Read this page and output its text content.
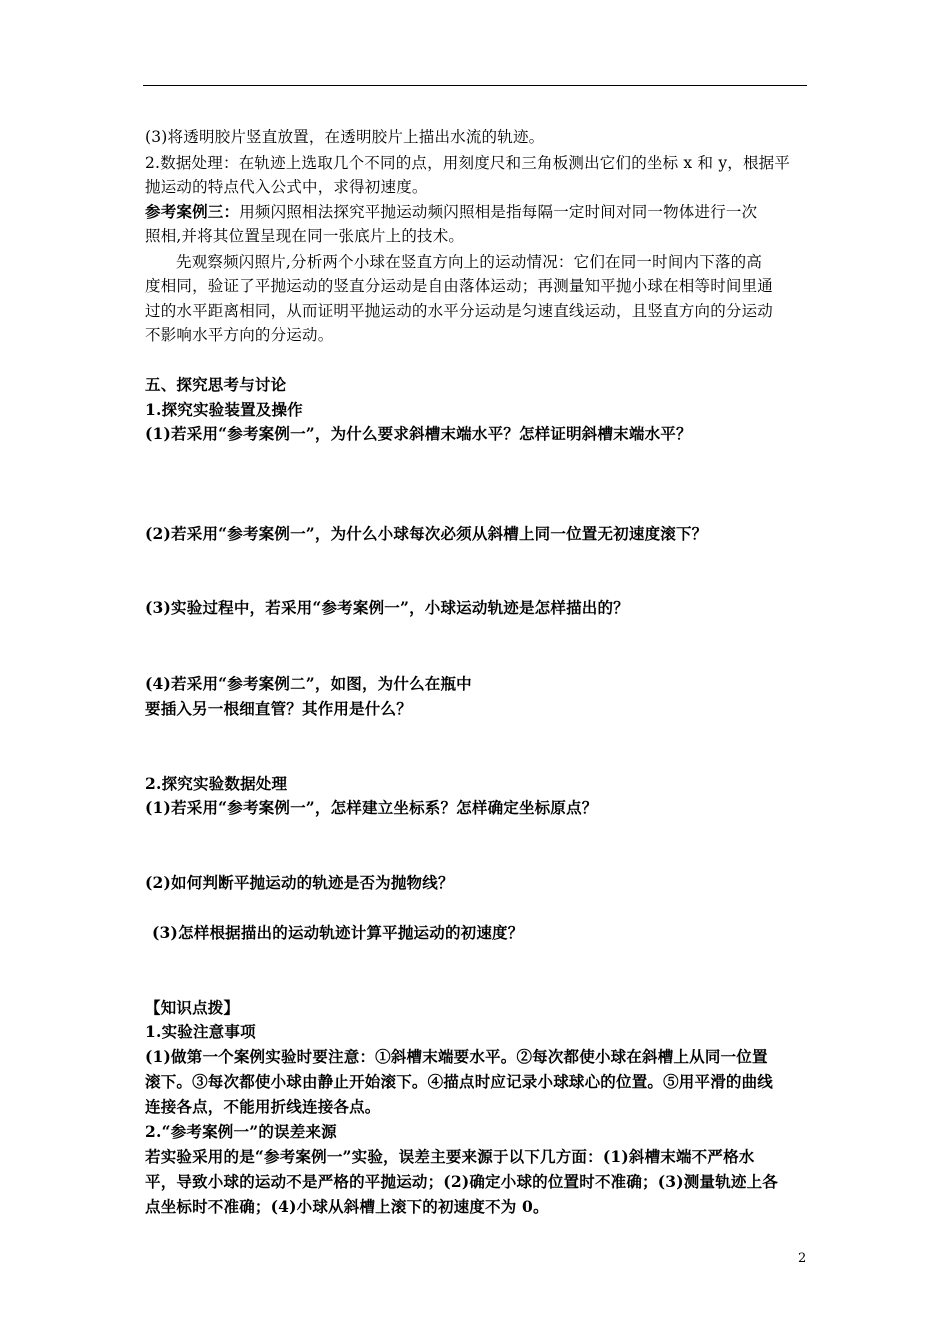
(3)将透明胶片竖直放置，在透明胶片上描出水流的轨迹。
2.数据处理：在轨迹上选取几个不同的点，用刻度尺和三角板测出它们的坐标 x 和 y，根据平
抛运动的特点代入公式中，求得初速度。
参考案例三：用频闪照相法探究平抛运动频闪照相是指每隔一定时间对同一物体进行一次
照相,并将其位置呈现在同一张底片上的技术。
先观察频闪照片,分析两个小球在竖直方向上的运动情况：它们在同一时间内下落的高
度相同，验证了平抛运动的竖直分运动是自由落体运动；再测量知平抛小球在相等时间里通
过的水平距离相同，从而证明平抛运动的水平分运动是匀速直线运动，且竖直方向的分运动
不影响水平方向的分运动。
五、探究思考与讨论
1.探究实验装置及操作
(1)若采用“参考案例一”，为什么要求斜槽末端水平？怎样证明斜槽末端水平？
(2)若采用“参考案例一”，为什么小球每次必须从斜槽上同一位置无初速度滚下？
(3)实验过程中，若采用“参考案例一”，小球运动轨迹是怎样描出的？
(4)若采用“参考案例二”，如图，为什么在瓶中
要插入另一根细直管？其作用是什么？
2.探究实验数据处理
(1)若采用“参考案例一”，怎样建立坐标系？怎样确定坐标原点？
(2)如何判断平抛运动的轨迹是否为抛物线？
(3)怎样根据描出的运动轨迹计算平抛运动的初速度？
【知识点拨】
1.实验注意事项
(1)做第一个案例实验时要注意：①斜槽末端要水平。②每次都使小球在斜槽上从同一位置
滚下。③每次都使小球由静止开始滚下。④描点时应记录小球球心的位置。⑤用平滑的曲线
连接各点，不能用折线连接各点。
2.“参考案例一”的误差来源
若实验采用的是“参考案例一”实验，误差主要来源于以下几方面：(1)斜槽末端不严格水
平，导致小球的运动不是严格的平抛运动；(2)确定小球的位置时不准确；(3)测量轨迹上各
点坐标时不准确；(4)小球从斜槽上滚下的初速度不为 0。
2
